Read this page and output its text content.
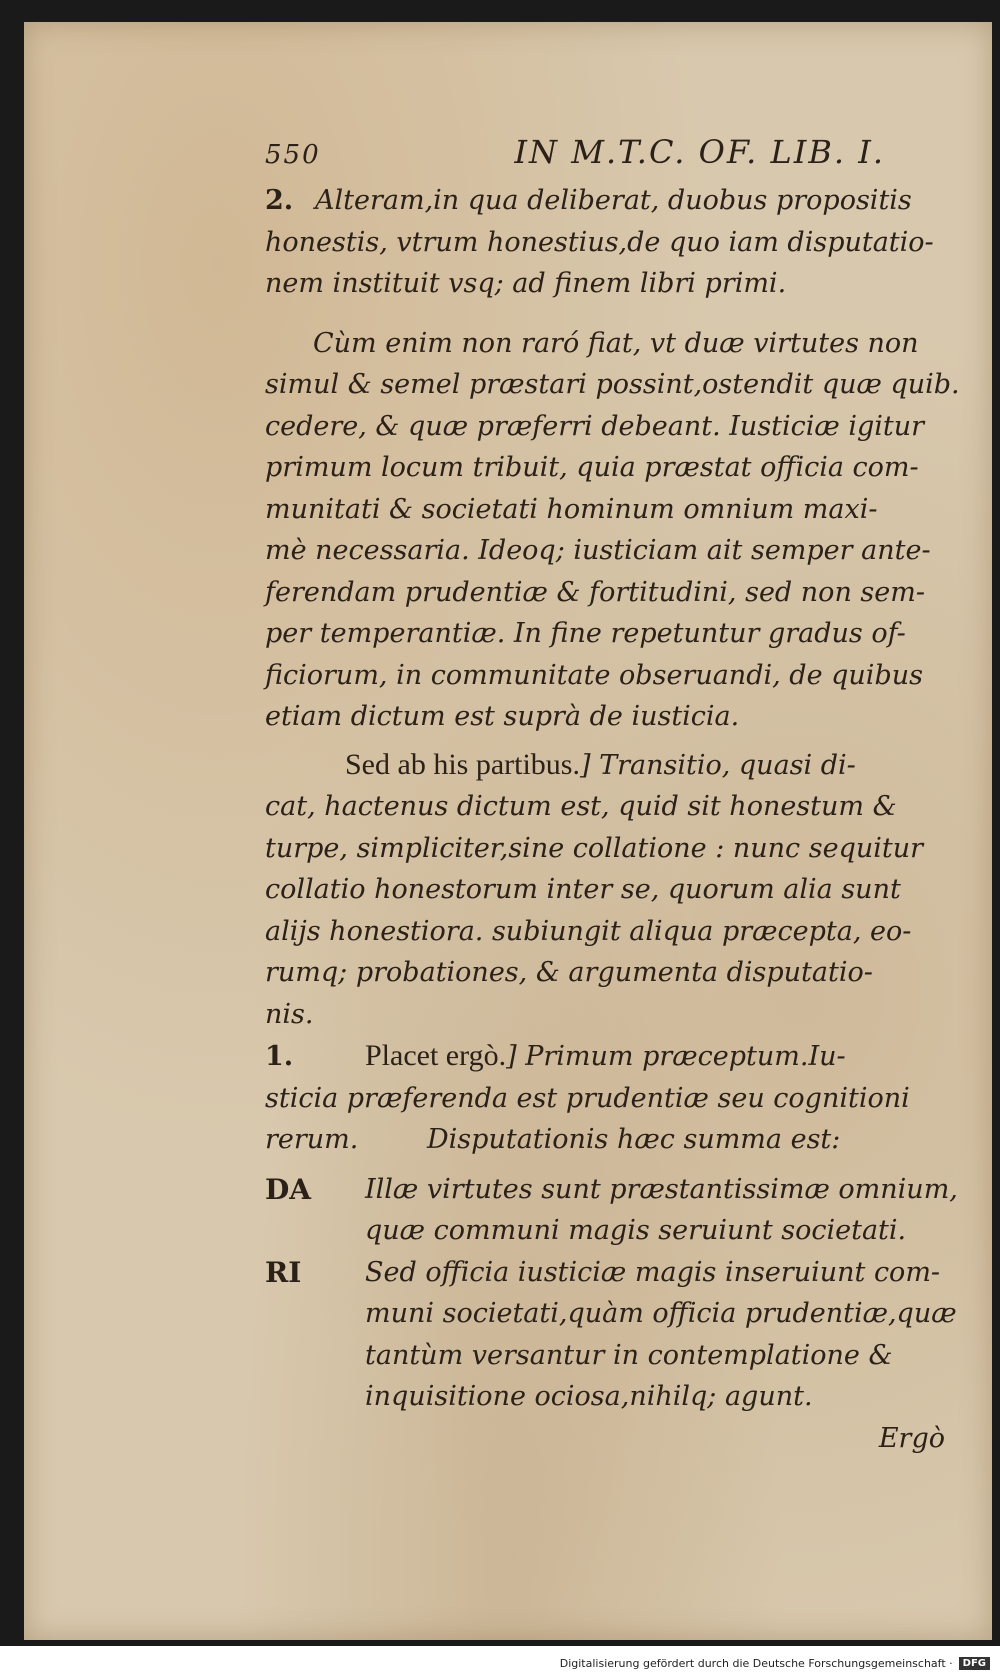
550	IN M.T.C. OF. LIB. I.
2. Alteram,in qua deliberat, duobus propositis
honestis, vtrum honestius,de quo iam disputatio-
nem instituit vsq; ad finem libri primi.
Cùm enim non raró fiat, vt duæ virtutes non
simul & semel præstari possint,ostendit quæ quib.
cedere, & quæ præferri debeant. Iusticiæ igitur
primum locum tribuit, quia præstat officia com-
munitati & societati hominum omnium maxi-
mè necessaria. Ideoq; iusticiam ait semper ante-
ferendam prudentiæ & fortitudini, sed non sem-
per temperantiæ. In fine repetuntur gradus of-
ficiorum, in communitate obseruandi, de quibus
etiam dictum est suprà de iusticia.
Sed ab his partibus.] Transitio, quasi di-
cat, hactenus dictum est, quid sit honestum &
turpe, simpliciter,sine collatione : nunc sequitur
collatio honestorum inter se, quorum alia sunt
alijs honestiora. subiungit aliqua præcepta, eo-
rumq; probationes, & argumenta disputatio-
nis.
1. Placet ergò.] Primum præceptum.Iu-
sticia præferenda est prudentiæ seu cognitioni
rerum.        Disputationis hæc summa est:
DA	Illæ virtutes sunt præstantissimæ omnium,
quæ communi magis seruiunt societati.
RI	Sed officia iusticiæ magis inseruiunt com-
muni societati,quàm officia prudentiæ,quæ
tantùm versantur in contemplatione &
inquisitione ociosa,nihilq; agunt.
Ergò
Digitalisierung gefördert durch die Deutsche Forschungsgemeinschaft ·	DFG
